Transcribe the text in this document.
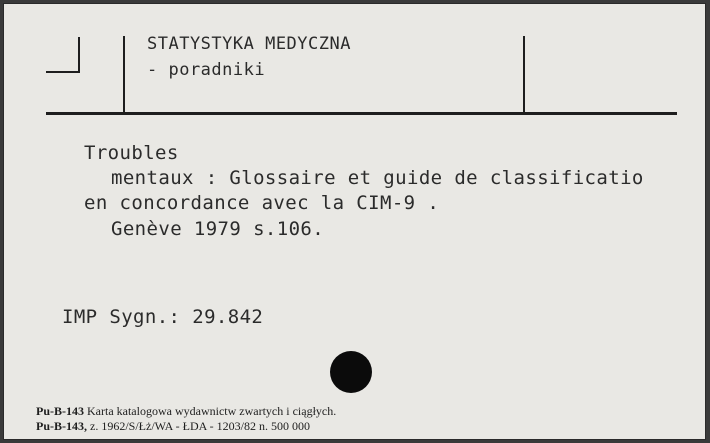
STATYSTYKA MEDYCZNA
- poradniki
Troubles
mentaux : Glossaire et guide de classificatio
en concordance avec la CIM-9 .
Genève 1979 s.106.
IMP Sygn.: 29.842
Pu-B-143 Karta katalogowa wydawnictw zwartych i ciągłych.
Pu-B-143, z. 1962/S/Łż/WA - ŁDA - 1203/82 n. 500 000
